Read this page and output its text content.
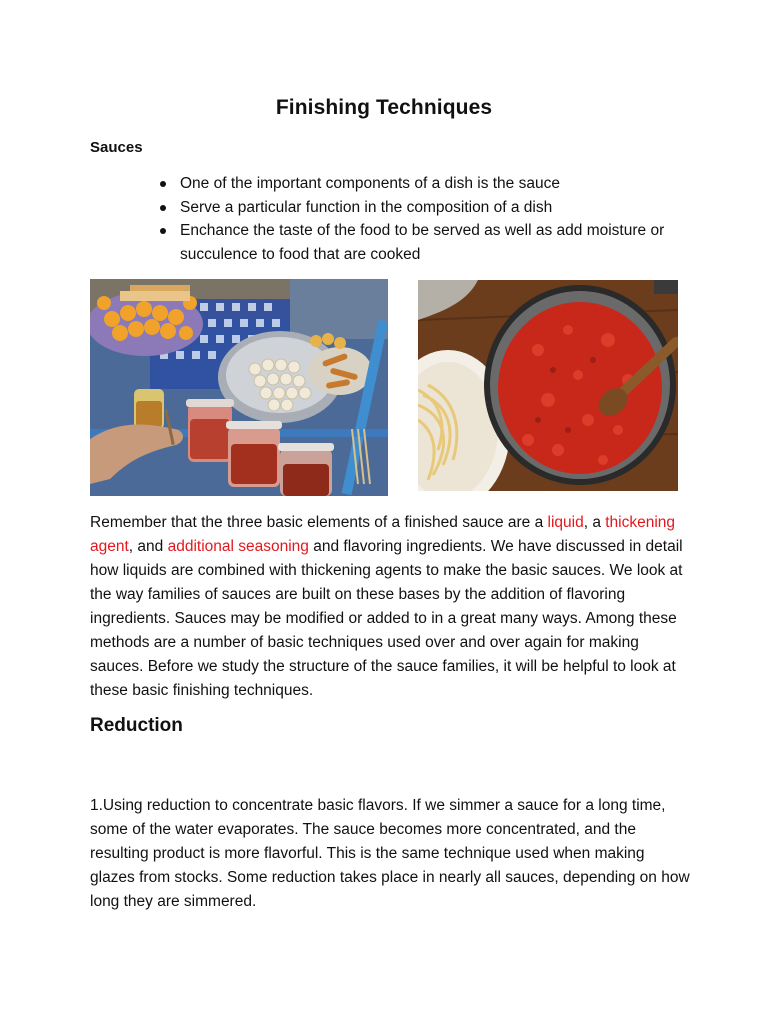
Finishing Techniques
Sauces
One of the important components of a dish is the sauce
Serve a particular function in the composition of a dish
Enchance the taste of the food to be served as well as add moisture or succulence to food that are cooked

Remember that the three basic elements of a finished sauce are a liquid, a thickening agent, and additional seasoning and flavoring ingredients. We have discussed in detail how liquids are combined with thickening agents to make the basic sauces. We look at the way families of sauces are built on these bases by the addition of flavoring ingredients. Sauces may be modified or added to in a great many ways. Among these methods are a number of basic techniques used over and over again for making sauces. Before we study the structure of the sauce families, it will be helpful to look at these basic finishing techniques.

Reduction

1.Using reduction to concentrate basic flavors. If we simmer a sauce for a long time, some of the water evaporates. The sauce becomes more concentrated, and the resulting product is more flavorful. This is the same technique used when making glazes from stocks. Some reduction takes place in nearly all sauces, depending on how long they are simmered.
